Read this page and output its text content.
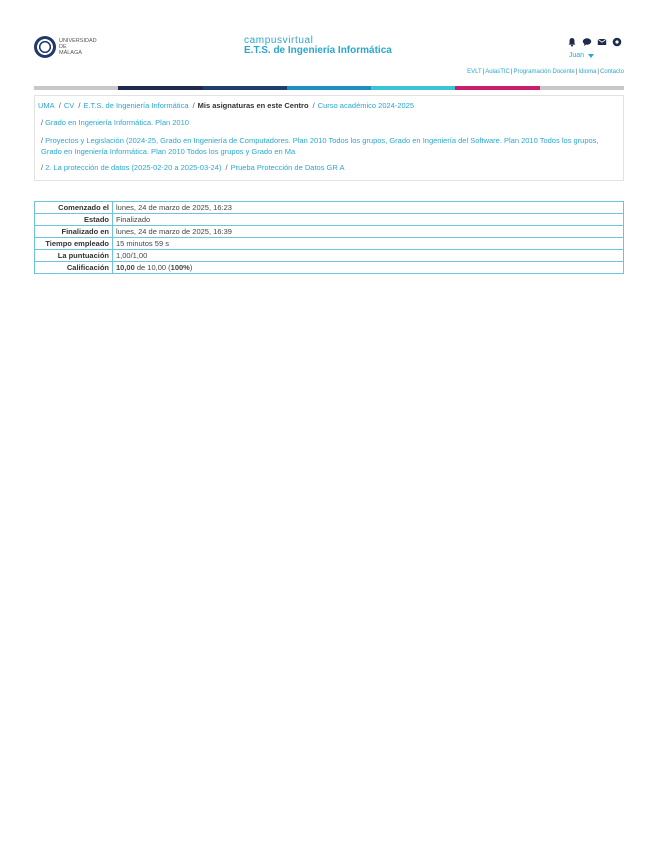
UNIVERSIDAD DE MÁLAGA
campusvirtual
E.T.S. de Ingeniería Informática	Juan
EVLT|AulasTIC|Programación Docente|Idioma|Contacto
UMA / CV / E.T.S. de Ingeniería Informática / Mis asignaturas en este Centro / Curso académico 2024-2025
/ Grado en Ingeniería Informática. Plan 2010
/ Proyectos y Legislación (2024-25, Grado en Ingeniería de Computadores. Plan 2010 Todos los grupos, Grado en Ingeniería del Software. Plan 2010 Todos los grupos, Grado en Ingeniería Informática. Plan 2010 Todos los grupos y Grado en Ma
/ 2. La protección de datos (2025-02-20 a 2025-03-24) / Prueba Protección de Datos GR A
Comenzado el	lunes, 24 de marzo de 2025, 16:23
Estado	Finalizado
Finalizado en	lunes, 24 de marzo de 2025, 16:39
Tiempo empleado	15 minutos 59 s
La puntuación	1,00/1,00
Calificación	10,00 de 10,00 (100%)
